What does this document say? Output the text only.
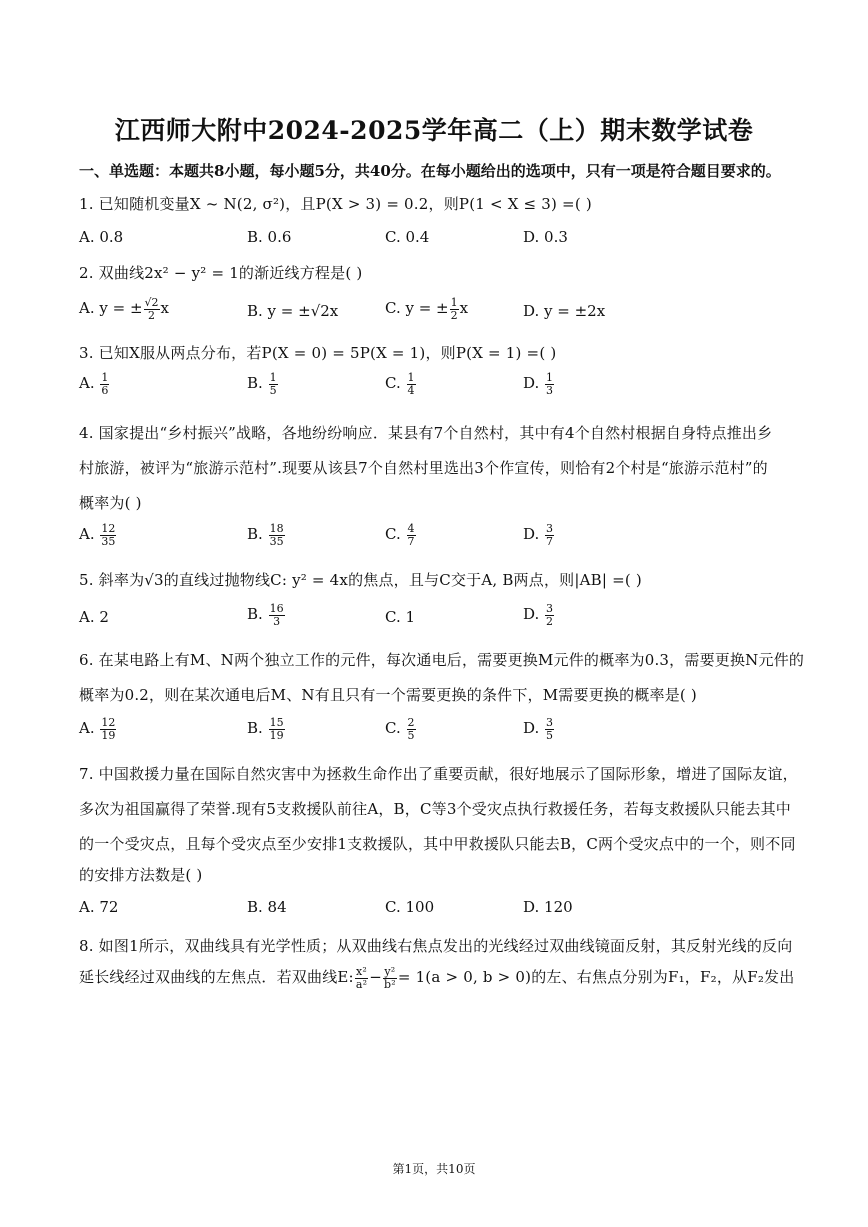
江西师大附中2024-2025学年高二（上）期末数学试卷
一、单选题：本题共8小题，每小题5分，共40分。在每小题给出的选项中，只有一项是符合题目要求的。
1. 已知随机变量X ~ N(2, σ²)，且P(X > 3) = 0.2，则P(1 < X ≤ 3) =( )
A. 0.8	B. 0.6	C. 0.4	D. 0.3
2. 双曲线2x² − y² = 1的渐近线方程是( )
A. y = ± $\frac{√2}{2}$ x	B. y = ±√2x	C. y = ± $\frac{1}{2}$ x	D. y = ±2x
3. 已知X服从两点分布，若P(X = 0) = 5P(X = 1)，则P(X = 1) =( )
A. $\frac{1}{6}$	B. $\frac{1}{5}$	C. $\frac{1}{4}$	D. $\frac{1}{3}$
4. 国家提出“乡村振兴”战略，各地纷纷响应．某县有7个自然村，其中有4个自然村根据自身特点推出乡
村旅游，被评为“旅游示范村”.现要从该县7个自然村里选出3个作宣传，则恰有2个村是“旅游示范村”的
概率为( )
A. $\frac{12}{35}$	B. $\frac{18}{35}$	C. $\frac{4}{7}$	D. $\frac{3}{7}$
5. 斜率为√3的直线过抛物线C: y² = 4x的焦点，且与C交于A, B两点，则|AB| =( )
A. 2	B. $\frac{16}{3}$	C. 1	D. $\frac{3}{2}$
6. 在某电路上有M、N两个独立工作的元件，每次通电后，需要更换M元件的概率为0.3，需要更换N元件的
概率为0.2，则在某次通电后M、N有且只有一个需要更换的条件下，M需要更换的概率是( )
A. $\frac{12}{19}$	B. $\frac{15}{19}$	C. $\frac{2}{5}$	D. $\frac{3}{5}$
7. 中国救援力量在国际自然灾害中为拯救生命作出了重要贡献，很好地展示了国际形象，增进了国际友谊，
多次为祖国赢得了荣誉.现有5支救援队前往A，B，C等3个受灾点执行救援任务，若每支救援队只能去其中
的一个受灾点，且每个受灾点至少安排1支救援队，其中甲救援队只能去B，C两个受灾点中的一个，则不同
的安排方法数是( )
A. 72	B. 84	C. 100	D. 120
8. 如图1所示，双曲线具有光学性质；从双曲线右焦点发出的光线经过双曲线镜面反射，其反射光线的反向
延长线经过双曲线的左焦点．若双曲线E: $\frac{\text{x²}}{\text{a²}} - \frac{\text{y²}}{\text{b²}} = 1(a > 0$, b > 0)的左、右焦点分别为F₁，F₂，从F₂发出
第1页，共10页
